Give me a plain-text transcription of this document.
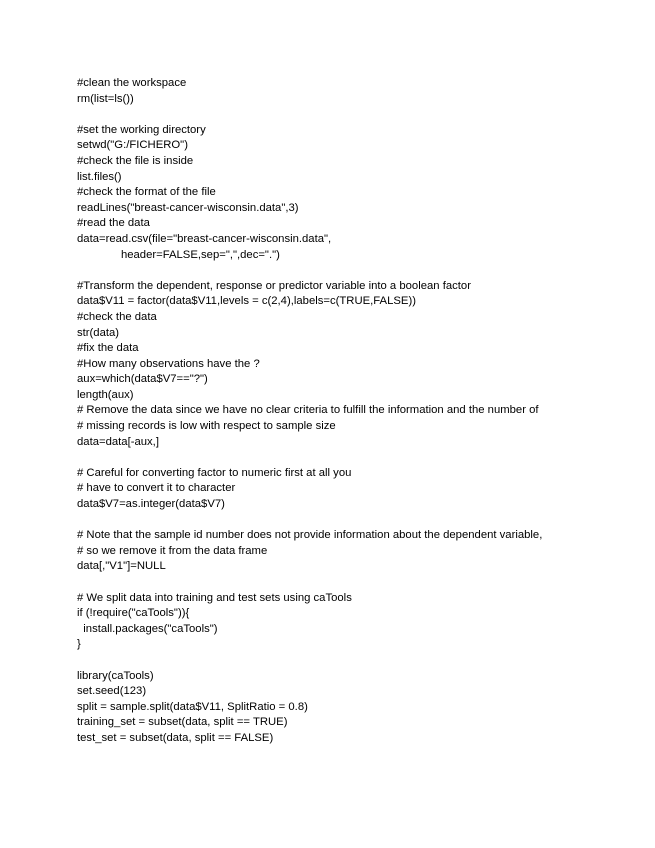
#clean the workspace
rm(list=ls())
#set the working directory
setwd("G:/FICHERO")
#check the file is inside
list.files()
#check the format of the file
readLines("breast-cancer-wisconsin.data",3)
#read the data
data=read.csv(file="breast-cancer-wisconsin.data",
header=FALSE,sep=",",dec=".")
#Transform the dependent, response or predictor variable into a boolean factor
data$V11 = factor(data$V11,levels = c(2,4),labels=c(TRUE,FALSE))
#check the data
str(data)
#fix the data
#How many observations have the ?
aux=which(data$V7=="?")
length(aux)
# Remove the data since we have no clear criteria to fulfill the information and the number of
# missing records is low with respect to sample size
data=data[-aux,]
# Careful for converting factor to numeric first at all you
# have to convert it to character
data$V7=as.integer(data$V7)
# Note that the sample id number does not provide information about the dependent variable,
# so we remove it from the data frame
data[,"V1"]=NULL
# We split data into training and test sets using caTools
if (!require("caTools")){
install.packages("caTools")
}
library(caTools)
set.seed(123)
split = sample.split(data$V11, SplitRatio = 0.8)
training_set = subset(data, split == TRUE)
test_set = subset(data, split == FALSE)
